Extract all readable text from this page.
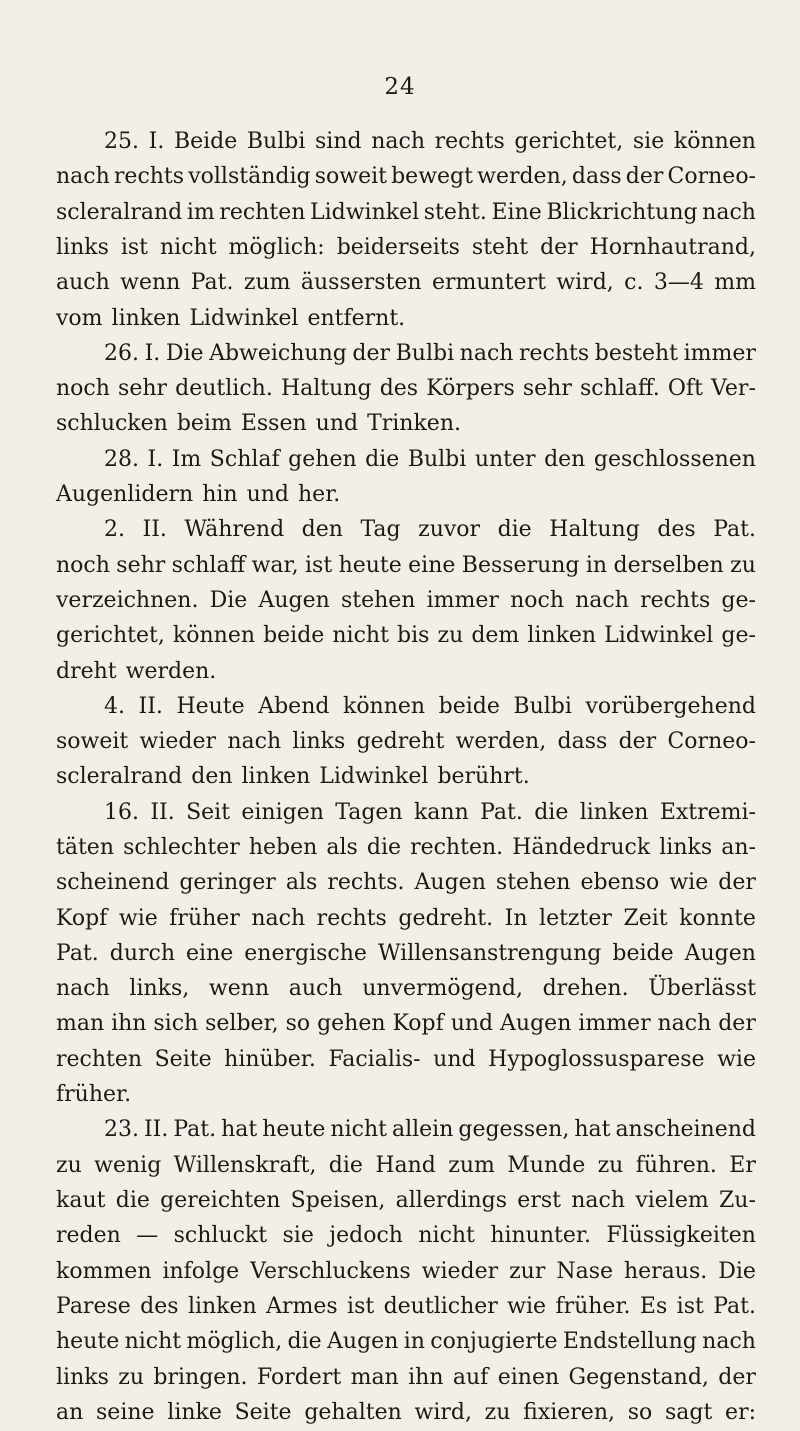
24
25. I. Beide Bulbi sind nach rechts gerichtet, sie können
nach rechts vollständig soweit bewegt werden, dass der Corneo-
scleralrand im rechten Lidwinkel steht. Eine Blickrichtung nach
links ist nicht möglich: beiderseits steht der Hornhautrand,
auch wenn Pat. zum äussersten ermuntert wird, c. 3—4 mm
vom linken Lidwinkel entfernt.
26. I. Die Abweichung der Bulbi nach rechts besteht immer
noch sehr deutlich. Haltung des Körpers sehr schlaff. Oft Ver-
schlucken beim Essen und Trinken.
28. I. Im Schlaf gehen die Bulbi unter den geschlossenen
Augenlidern hin und her.
2. II. Während den Tag zuvor die Haltung des Pat.
noch sehr schlaff war, ist heute eine Besserung in derselben zu
verzeichnen. Die Augen stehen immer noch nach rechts ge-
gerichtet, können beide nicht bis zu dem linken Lidwinkel ge-
dreht werden.
4. II. Heute Abend können beide Bulbi vorübergehend
soweit wieder nach links gedreht werden, dass der Corneo-
scleralrand den linken Lidwinkel berührt.
16. II. Seit einigen Tagen kann Pat. die linken Extremi-
täten schlechter heben als die rechten. Händedruck links an-
scheinend geringer als rechts. Augen stehen ebenso wie der
Kopf wie früher nach rechts gedreht. In letzter Zeit konnte
Pat. durch eine energische Willensanstrengung beide Augen
nach links, wenn auch unvermögend, drehen. Überlässt
man ihn sich selber, so gehen Kopf und Augen immer nach der
rechten Seite hinüber. Facialis- und Hypoglossusparese wie
früher.
23. II. Pat. hat heute nicht allein gegessen, hat anscheinend
zu wenig Willenskraft, die Hand zum Munde zu führen. Er
kaut die gereichten Speisen, allerdings erst nach vielem Zu-
reden — schluckt sie jedoch nicht hinunter. Flüssigkeiten
kommen infolge Verschluckens wieder zur Nase heraus. Die
Parese des linken Armes ist deutlicher wie früher. Es ist Pat.
heute nicht möglich, die Augen in conjugierte Endstellung nach
links zu bringen. Fordert man ihn auf einen Gegenstand, der
an seine linke Seite gehalten wird, zu fixieren, so sagt er:
